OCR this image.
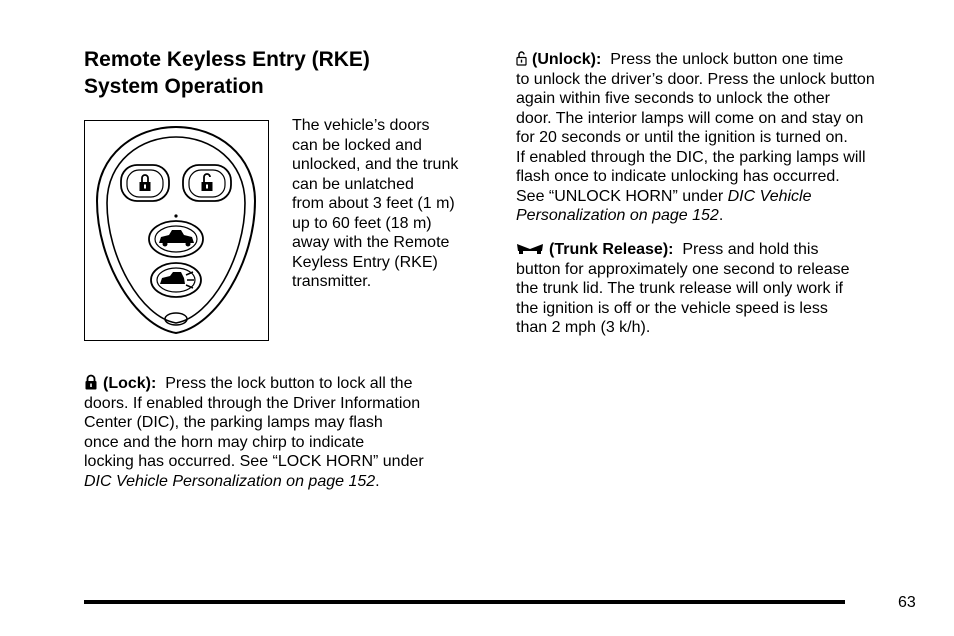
Remote Keyless Entry (RKE)
System Operation
The vehicle’s doors
can be locked and
unlocked, and the trunk
can be unlatched
from about 3 feet (1 m)
up to 60 feet (18 m)
away with the Remote
Keyless Entry (RKE)
transmitter.
(Lock): Press the lock button to lock all the
doors. If enabled through the Driver Information
Center (DIC), the parking lamps may flash
once and the horn may chirp to indicate
locking has occurred. See “LOCK HORN” under
DIC Vehicle Personalization on page 152.
(Unlock): Press the unlock button one time
to unlock the driver’s door. Press the unlock button
again within five seconds to unlock the other
door. The interior lamps will come on and stay on
for 20 seconds or until the ignition is turned on.
If enabled through the DIC, the parking lamps will
flash once to indicate unlocking has occurred.
See “UNLOCK HORN” under DIC Vehicle
Personalization on page 152.
(Trunk Release): Press and hold this
button for approximately one second to release
the trunk lid. The trunk release will only work if
the ignition is off or the vehicle speed is less
than 2 mph (3 k/h).
63
